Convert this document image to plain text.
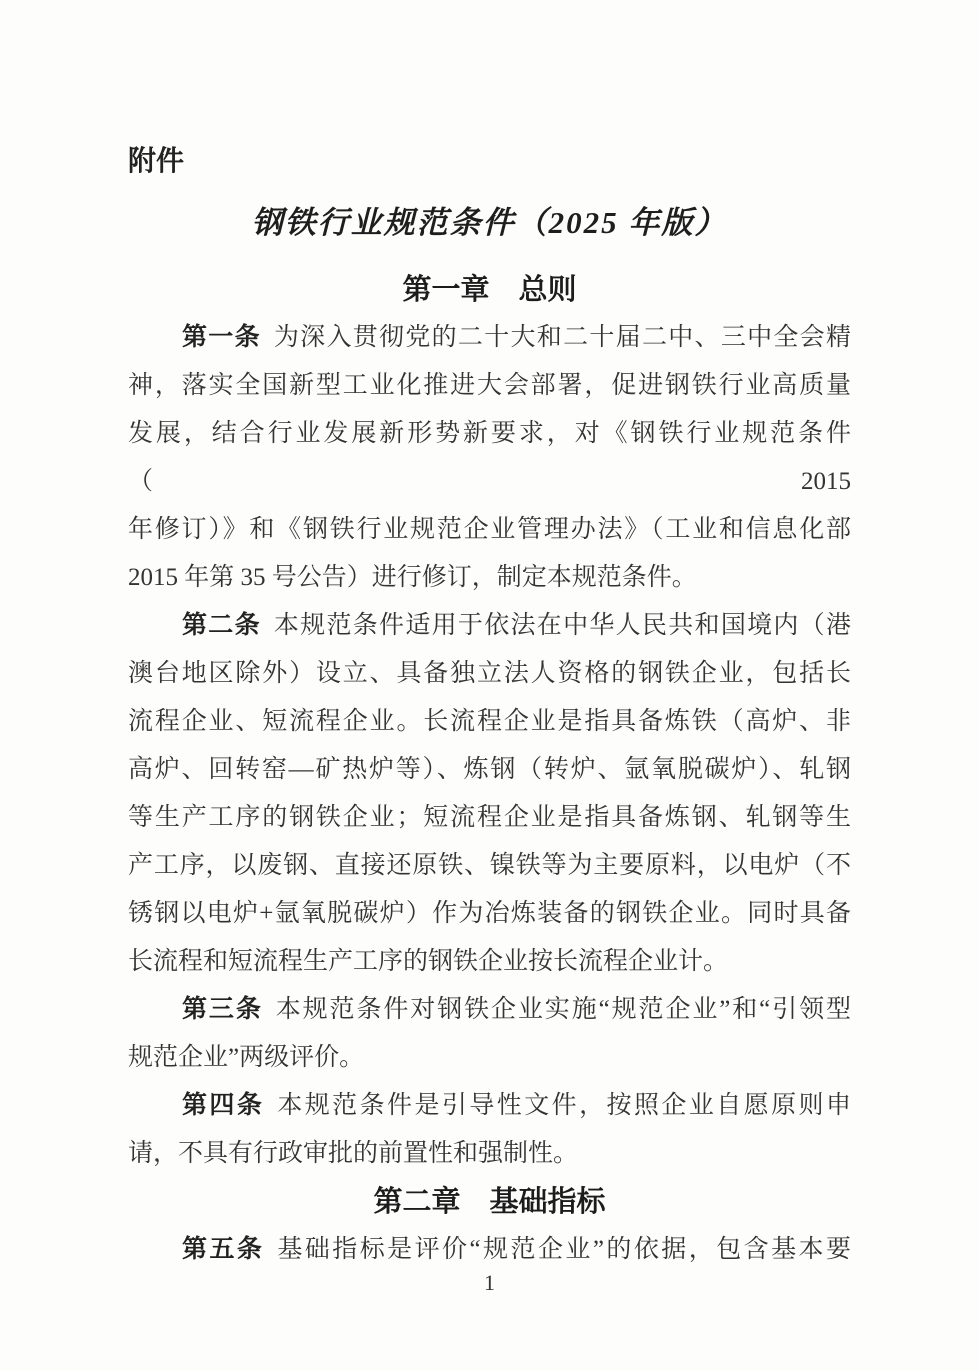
附件
钢铁行业规范条件（2025 年版）
第一章　总则
第一条 为深入贯彻党的二十大和二十届二中、三中全会精
神，落实全国新型工业化推进大会部署，促进钢铁行业高质量
发展，结合行业发展新形势新要求，对《钢铁行业规范条件（2015
年修订）》和《钢铁行业规范企业管理办法》（工业和信息化部
2015 年第 35 号公告）进行修订，制定本规范条件。
第二条 本规范条件适用于依法在中华人民共和国境内（港
澳台地区除外）设立、具备独立法人资格的钢铁企业，包括长
流程企业、短流程企业。长流程企业是指具备炼铁（高炉、非
高炉、回转窑—矿热炉等）、炼钢（转炉、氩氧脱碳炉）、轧钢
等生产工序的钢铁企业；短流程企业是指具备炼钢、轧钢等生
产工序，以废钢、直接还原铁、镍铁等为主要原料，以电炉（不
锈钢以电炉+氩氧脱碳炉）作为冶炼装备的钢铁企业。同时具备
长流程和短流程生产工序的钢铁企业按长流程企业计。
第三条 本规范条件对钢铁企业实施“规范企业”和“引领型
规范企业”两级评价。
第四条 本规范条件是引导性文件，按照企业自愿原则申
请，不具有行政审批的前置性和强制性。
第二章　基础指标
第五条 基础指标是评价“规范企业”的依据，包含基本要
1
